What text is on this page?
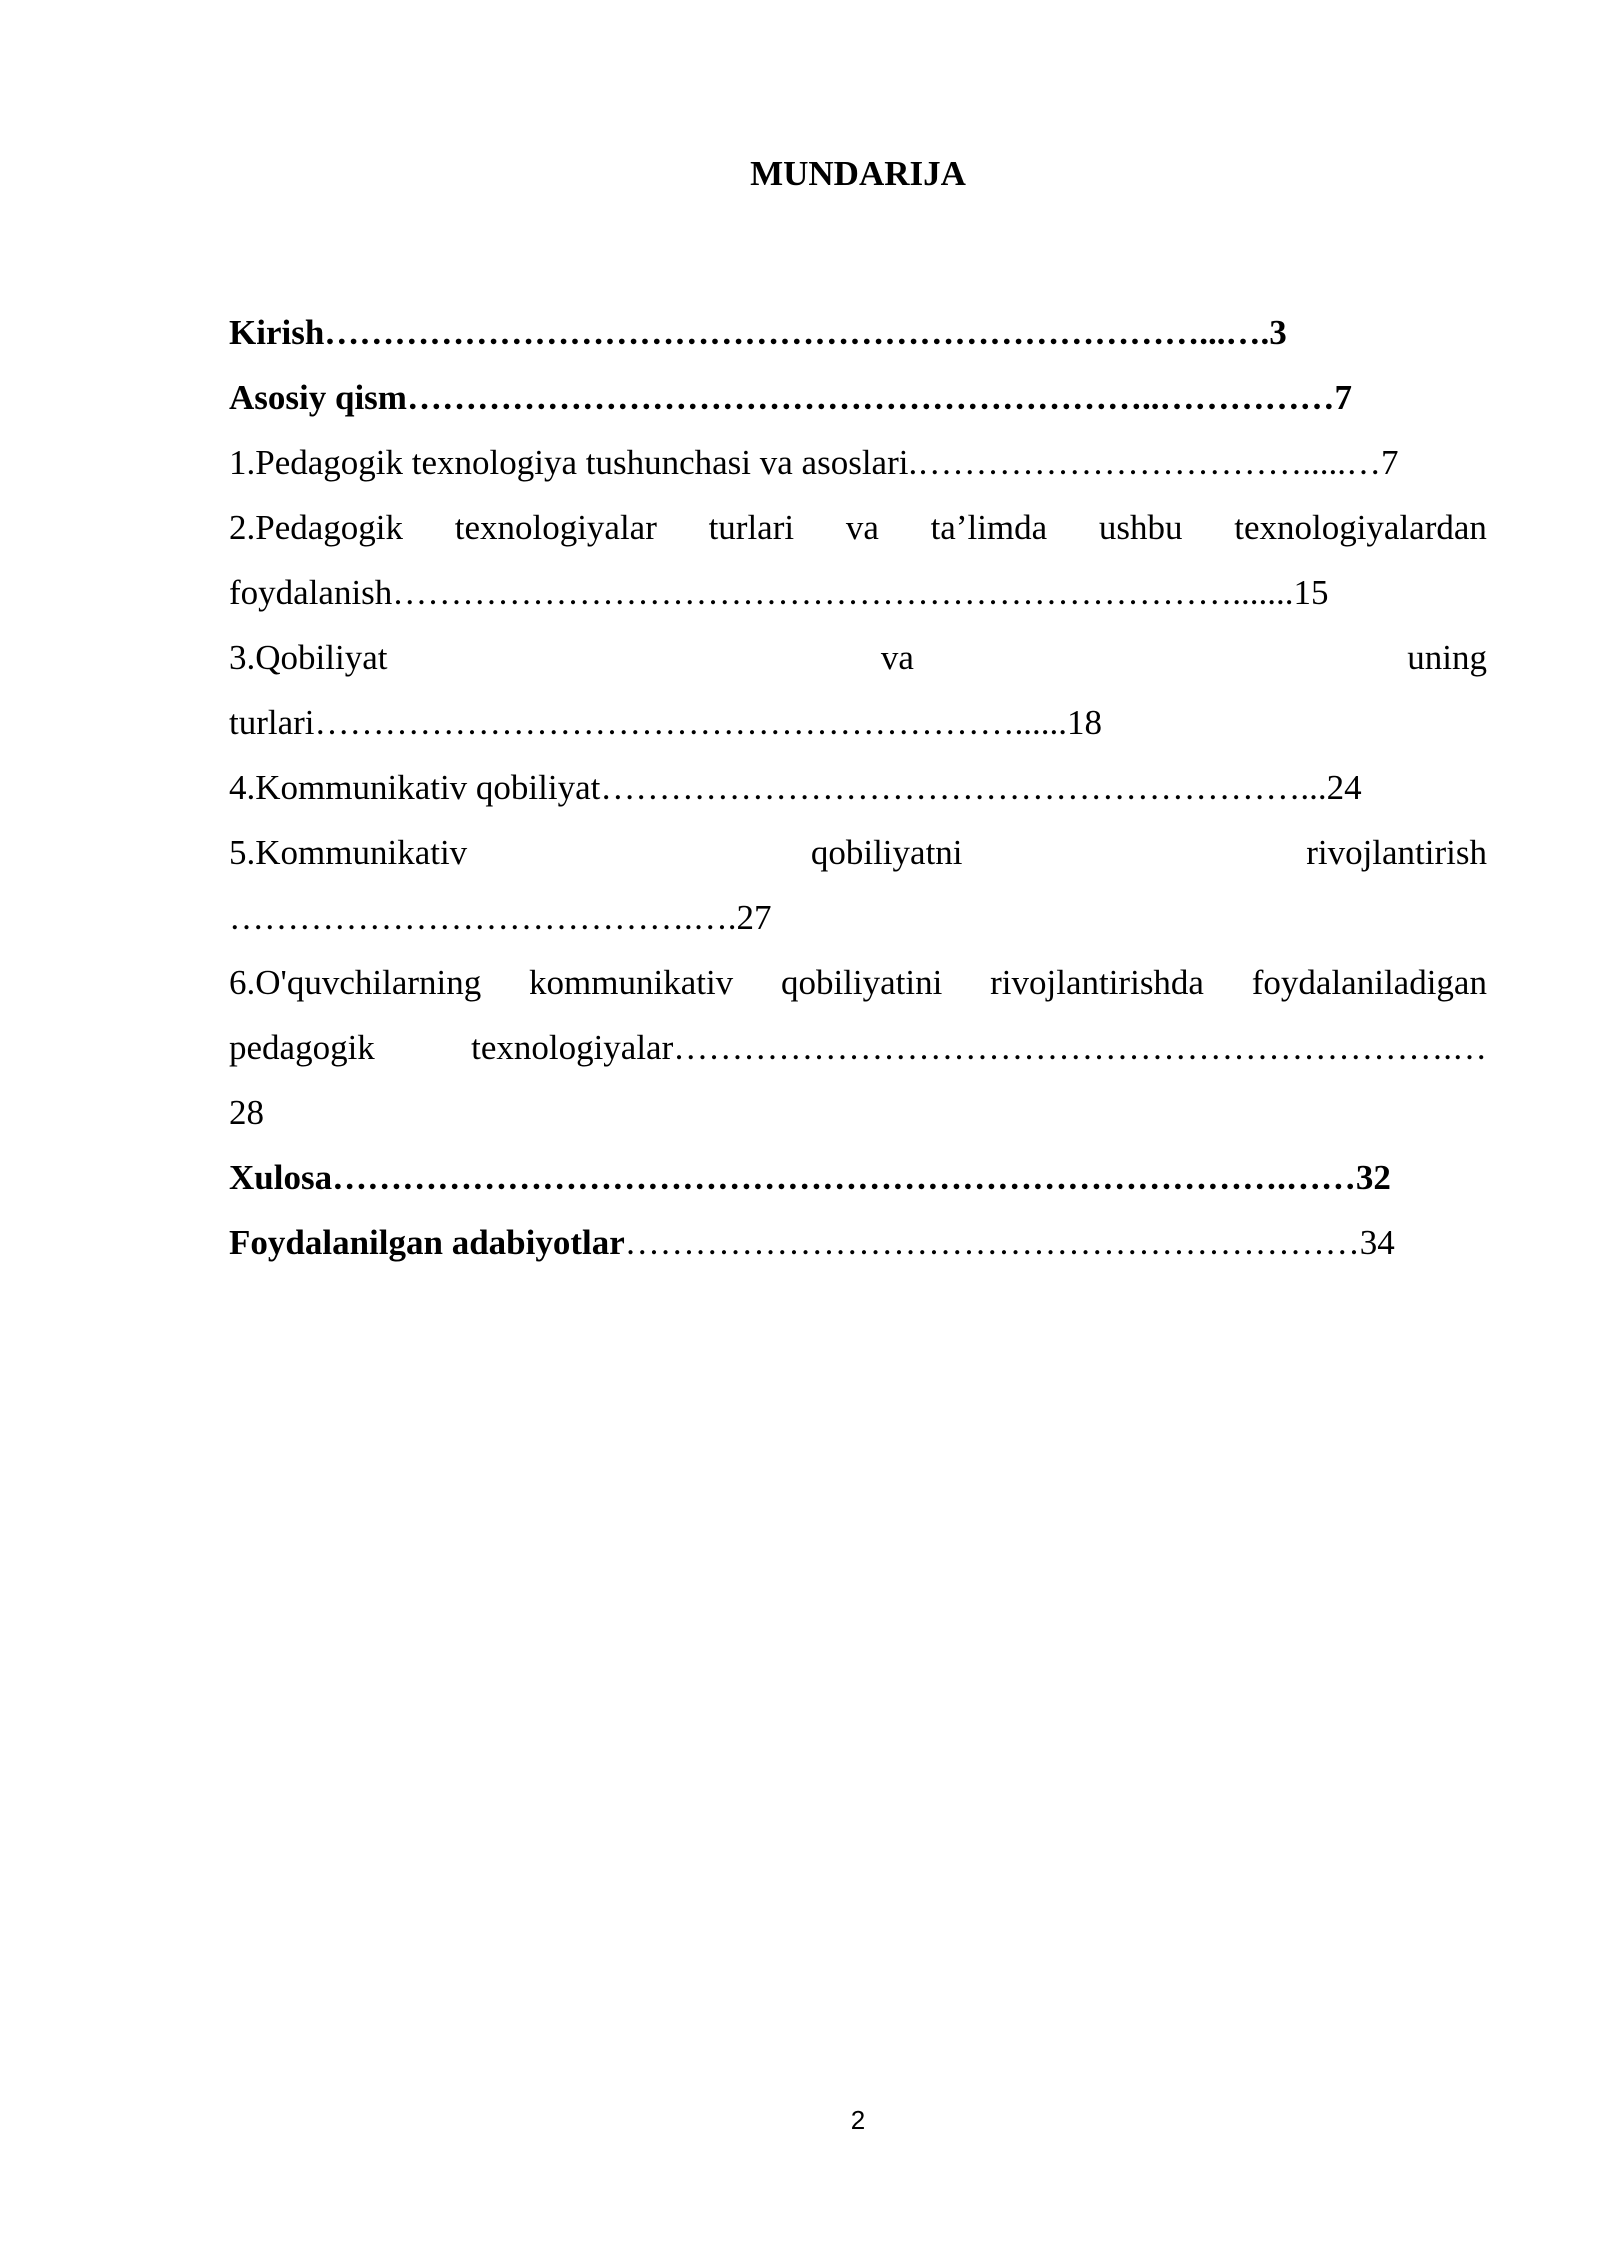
MUNDARIJA
Kirish…………………………………………………………………...….3
Asosiy qism………………………………………………………..……………7
1.Pedagogik texnologiya tushunchasi va asoslari.…………………………….....…7
2.Pedagogik texnologiyalar turlari va ta’limda ushbu texnologiyalardan
foydalanish……………………………………………………………….......15
3.Qobiliyat	va	uning
turlari……………………………………………………......18
4.Kommunikativ qobiliyat……………………………………………………...24
5.Kommunikativ	qobiliyatni	rivojlantirish
………………………………….….27
6.O'quvchilarning kommunikativ qobiliyatini rivojlantirishda foydalaniladigan
pedagogik	texnologiyalar………………………………………………………….…
28
Xulosa……………………………………………………………………….……32
Foydalanilgan adabiyotlar………………………………………………………34
2
